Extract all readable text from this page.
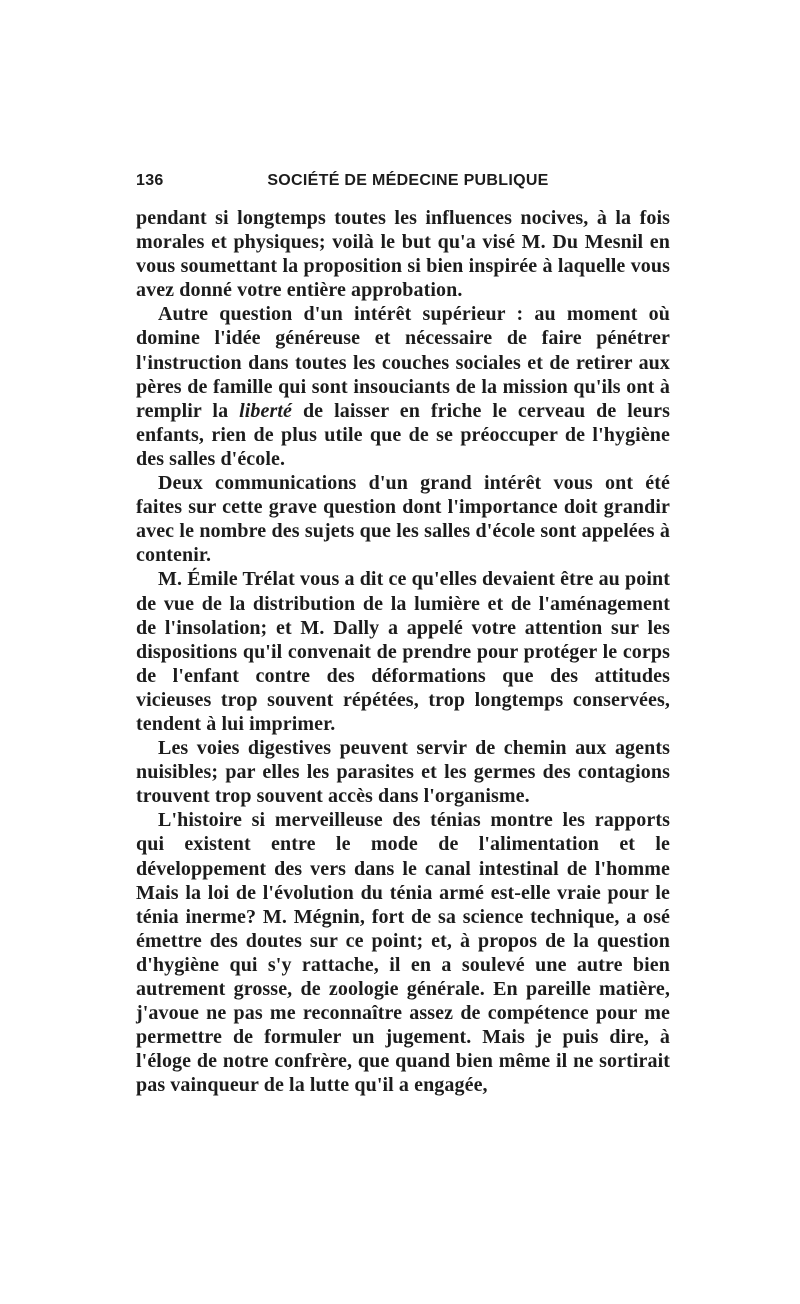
136	SOCIÉTÉ DE MÉDECINE PUBLIQUE

pendant si longtemps toutes les influences nocives, à la fois morales et physiques; voilà le but qu'a visé M. Du Mesnil en vous soumettant la proposition si bien inspirée à laquelle vous avez donné votre entière approbation.

Autre question d'un intérêt supérieur : au moment où domine l'idée généreuse et nécessaire de faire pénétrer l'instruction dans toutes les couches sociales et de retirer aux pères de famille qui sont insouciants de la mission qu'ils ont à remplir la liberté de laisser en friche le cerveau de leurs enfants, rien de plus utile que de se préoccuper de l'hygiène des salles d'école.

Deux communications d'un grand intérêt vous ont été faites sur cette grave question dont l'importance doit grandir avec le nombre des sujets que les salles d'école sont appelées à contenir.

M. Émile Trélat vous a dit ce qu'elles devaient être au point de vue de la distribution de la lumière et de l'aménagement de l'insolation; et M. Dally a appelé votre attention sur les dispositions qu'il convenait de prendre pour protéger le corps de l'enfant contre des déformations que des attitudes vicieuses trop souvent répétées, trop longtemps conservées, tendent à lui imprimer.

Les voies digestives peuvent servir de chemin aux agents nuisibles; par elles les parasites et les germes des contagions trouvent trop souvent accès dans l'organisme.

L'histoire si merveilleuse des ténias montre les rapports qui existent entre le mode de l'alimentation et le développement des vers dans le canal intestinal de l'homme Mais la loi de l'évolution du ténia armé est-elle vraie pour le ténia inerme? M. Mégnin, fort de sa science technique, a osé émettre des doutes sur ce point; et, à propos de la question d'hygiène qui s'y rattache, il en a soulevé une autre bien autrement grosse, de zoologie générale. En pareille matière, j'avoue ne pas me reconnaître assez de compétence pour me permettre de formuler un jugement. Mais je puis dire, à l'éloge de notre confrère, que quand bien même il ne sortirait pas vainqueur de la lutte qu'il a engagée,
